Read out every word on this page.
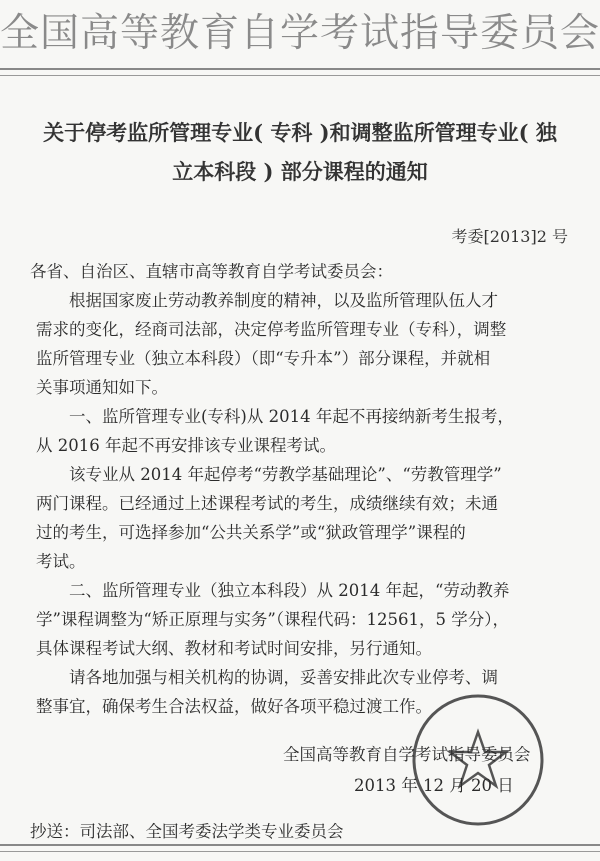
全国高等教育自学考试指导委员会
关于停考监所管理专业( 专科 )和调整监所管理专业( 独
立本科段 ) 部分课程的通知
考委[2013]2 号
各省、自治区、直辖市高等教育自学考试委员会：
　　根据国家废止劳动教养制度的精神，以及监所管理队伍人才
需求的变化，经商司法部，决定停考监所管理专业（专科），调整
监所管理专业（独立本科段）（即“专升本”）部分课程，并就相
关事项通知如下。
　　一、监所管理专业(专科)从 2014 年起不再接纳新考生报考，
从 2016 年起不再安排该专业课程考试。
　　该专业从 2014 年起停考“劳教学基础理论”、“劳教管理学”
两门课程。已经通过上述课程考试的考生，成绩继续有效；未通
过的考生，可选择参加“公共关系学”或“狱政管理学”课程的
考试。
　　二、监所管理专业（独立本科段）从 2014 年起，“劳动教养
学”课程调整为“矫正原理与实务”（课程代码：12561，5 学分），
具体课程考试大纲、教材和考试时间安排，另行通知。
　　请各地加强与相关机构的协调，妥善安排此次专业停考、调
整事宜，确保考生合法权益，做好各项平稳过渡工作。
全国高等教育自学考试指导委员会
2013 年 12 月 20 日
抄送：司法部、全国考委法学类专业委员会
